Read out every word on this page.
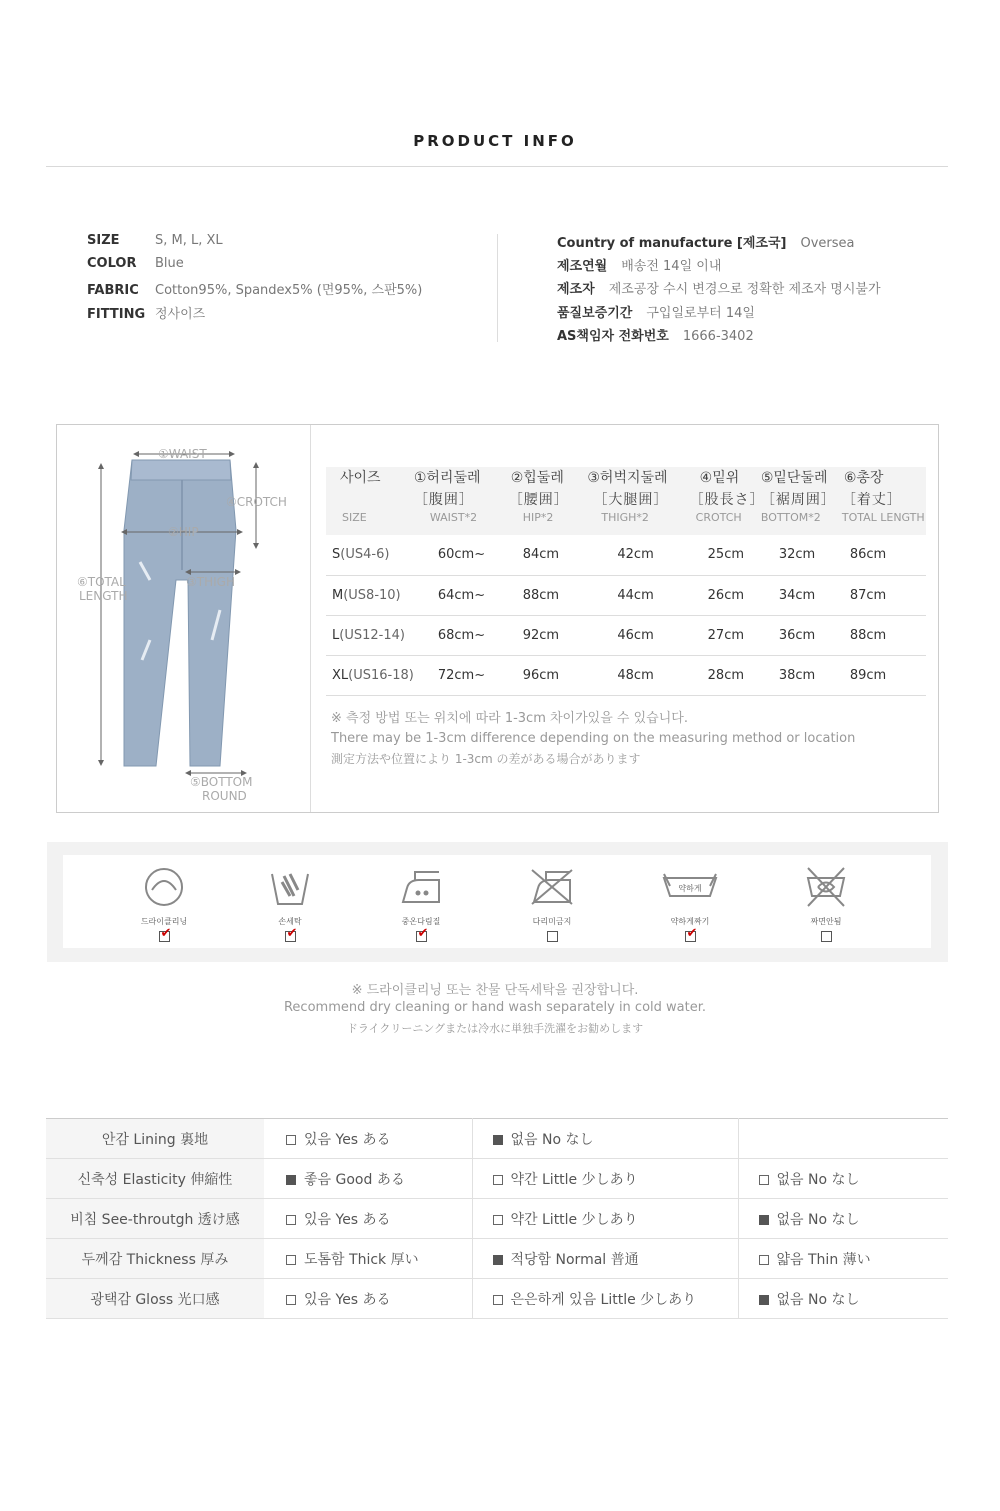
PRODUCT INFO
SIZE	S, M, L, XL
COLOR Blue
FABRIC Cotton95%, Spandex5% (면95%, 스판5%)
FITTING 정사이즈
Country of manufacture [제조국] Oversea
제조연월 배송전 14일 이내
제조자 제조공장 수시 변경으로 정확한 제조자 명시불가
품질보증기간 구입일로부터 14일
AS책임자 전화번호 1666-3402
①WAIST
④CROTCH
②HIP
③THIGH
⑥TOTAL
LENGTH
⑤BOTTOM
ROUND
사이즈	①허리둘레	②힙둘레	③허벅지둘레	④밑위	⑤밑단둘레	⑥총장
	［腹囲］	［腰囲］	［大腿囲］	［股長さ］	［裾周囲］	［着丈］
SIZE	WAIST*2	HIP*2	THIGH*2	CROTCH	BOTTOM*2	TOTAL LENGTH
S(US4-6)	60cm~	84cm	42cm	25cm	32cm	86cm
M(US8-10)	64cm~	88cm	44cm	26cm	34cm	87cm
L(US12-14)	68cm~	92cm	46cm	27cm	36cm	88cm
XL(US16-18)	72cm~	96cm	48cm	28cm	38cm	89cm
※ 측정 방법 또는 위치에 따라 1-3cm 차이가있을 수 있습니다.
There may be 1-3cm difference depending on the measuring method or location
測定方法や位置により 1-3cm の差がある場合があります
드라이클리닝
✔	손세탁
✔	중온다림질
✔	다리미금지
약하게
약하게짜기
✔	짜면안됨
※ 드라이클리닝 또는 찬물 단독세탁을 권장합니다.
Recommend dry cleaning or hand wash separately in cold water.
ドライクリーニングまたは冷水に単独手洗濯をお勧めします
안감 Lining 裏地	있음 Yes ある	없음 No なし	
신축성 Elasticity 伸縮性	좋음 Good ある	약간 Little 少しあり	없음 No なし
비침 See-throutgh 透け感	있음 Yes ある	약간 Little 少しあり	없음 No なし
두께감 Thickness 厚み	도톰함 Thick 厚い	적당함 Normal 普通	얇음 Thin 薄い
광택감 Gloss 光口感	있음 Yes ある	은은하게 있음 Little 少しあり	없음 No なし
